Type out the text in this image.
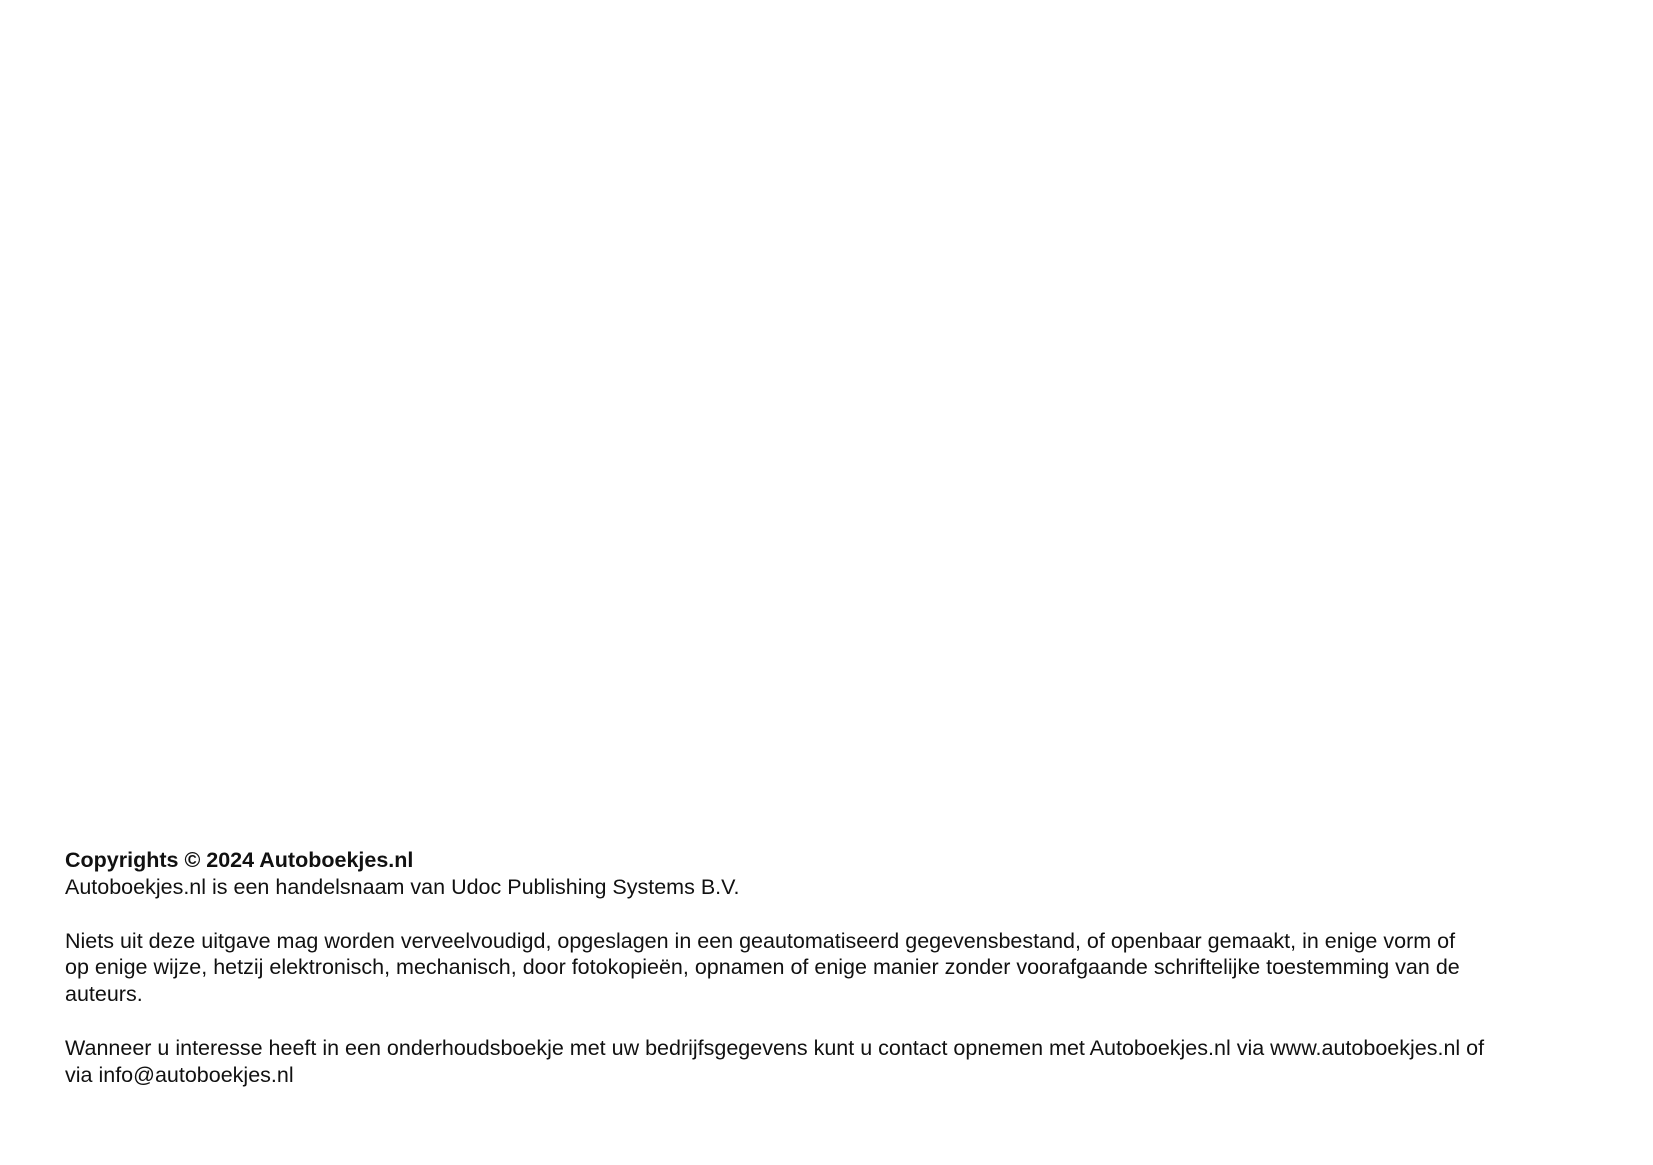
Copyrights © 2024 Autoboekjes.nl

Autoboekjes.nl is een handelsnaam van Udoc Publishing Systems B.V.

Niets uit deze uitgave mag worden verveelvoudigd, opgeslagen in een geautomatiseerd gegevensbestand, of openbaar gemaakt, in enige vorm of

op enige wijze, hetzij elektronisch, mechanisch, door fotokopieën, opnamen of enige manier zonder voorafgaande schriftelijke toestemming van de

auteurs.

Wanneer u interesse heeft in een onderhoudsboekje met uw bedrijfsgegevens kunt u contact opnemen met Autoboekjes.nl via www.autoboekjes.nl of

via info@autoboekjes.nl
